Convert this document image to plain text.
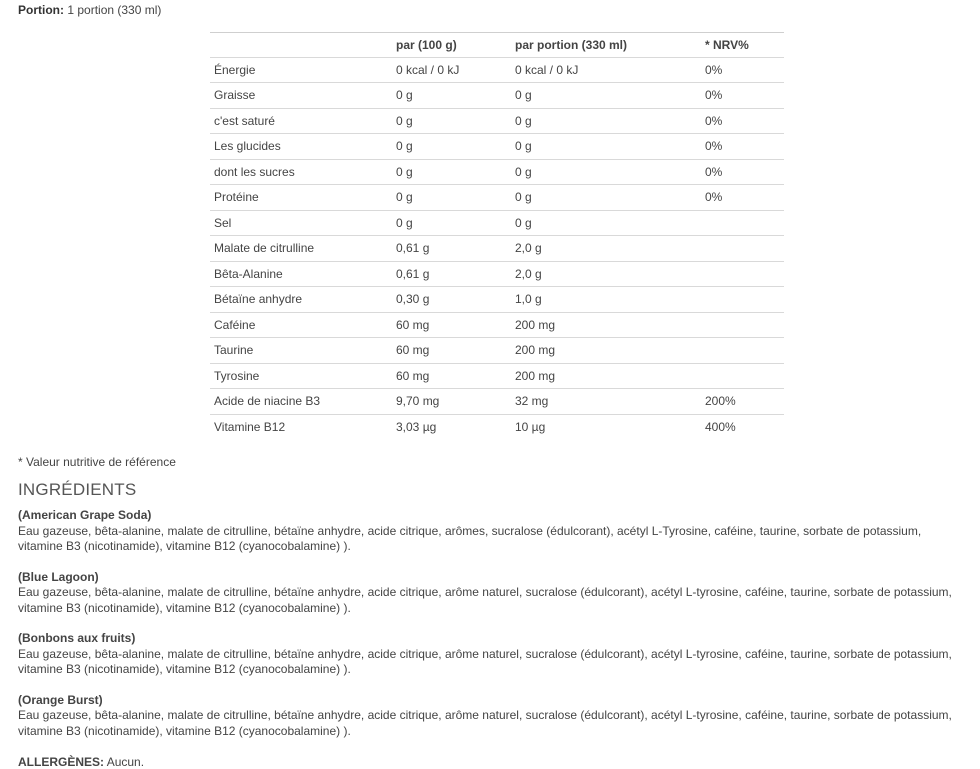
Portion: 1 portion (330 ml)
	par (100 g)	par portion (330 ml)	* NRV%
Énergie	0 kcal / 0 kJ	0 kcal / 0 kJ	0%
Graisse	0 g	0 g	0%
c'est saturé	0 g	0 g	0%
Les glucides	0 g	0 g	0%
dont les sucres	0 g	0 g	0%
Protéine	0 g	0 g	0%
Sel	0 g	0 g	
Malate de citrulline	0,61 g	2,0 g	
Bêta-Alanine	0,61 g	2,0 g	
Bétaïne anhydre	0,30 g	1,0 g	
Caféine	60 mg	200 mg	
Taurine	60 mg	200 mg	
Tyrosine	60 mg	200 mg	
Acide de niacine B3	9,70 mg	32 mg	200%
Vitamine B12	3,03 µg	10 µg	400%
* Valeur nutritive de référence
INGRÉDIENTS
(American Grape Soda)
Eau gazeuse, bêta-alanine, malate de citrulline, bétaïne anhydre, acide citrique, arômes, sucralose (édulcorant), acétyl L-Tyrosine, caféine, taurine, sorbate de potassium, vitamine B3 (nicotinamide), vitamine B12 (cyanocobalamine) ).
(Blue Lagoon)
Eau gazeuse, bêta-alanine, malate de citrulline, bétaïne anhydre, acide citrique, arôme naturel, sucralose (édulcorant), acétyl L-tyrosine, caféine, taurine, sorbate de potassium, vitamine B3 (nicotinamide), vitamine B12 (cyanocobalamine) ).
(Bonbons aux fruits)
Eau gazeuse, bêta-alanine, malate de citrulline, bétaïne anhydre, acide citrique, arôme naturel, sucralose (édulcorant), acétyl L-tyrosine, caféine, taurine, sorbate de potassium, vitamine B3 (nicotinamide), vitamine B12 (cyanocobalamine) ).
(Orange Burst)
Eau gazeuse, bêta-alanine, malate de citrulline, bétaïne anhydre, acide citrique, arôme naturel, sucralose (édulcorant), acétyl L-tyrosine, caféine, taurine, sorbate de potassium, vitamine B3 (nicotinamide), vitamine B12 (cyanocobalamine) ).
ALLERGÈNES: Aucun.
